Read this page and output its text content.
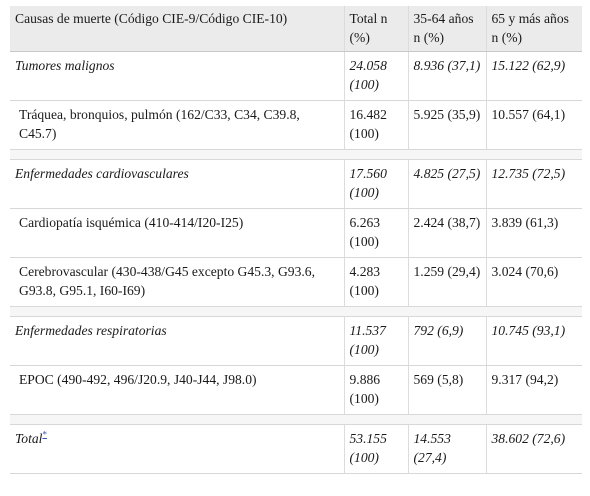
Causas de muerte (Código CIE-9/Código CIE-10)	Total n (%)	35-64 años n (%)	65 y más años n (%)
Tumores malignos	24.058 (100)	8.936 (37,1)	15.122 (62,9)
Tráquea, bronquios, pulmón (162/C33, C34, C39.8, C45.7)	16.482 (100)	5.925 (35,9)	10.557 (64,1)

Enfermedades cardiovasculares	17.560 (100)	4.825 (27,5)	12.735 (72,5)
Cardiopatía isquémica (410-414/I20-I25)	6.263 (100)	2.424 (38,7)	3.839 (61,3)
Cerebrovascular (430-438/G45 excepto G45.3, G93.6, G93.8, G95.1, I60-I69)	4.283 (100)	1.259 (29,4)	3.024 (70,6)

Enfermedades respiratorias	11.537 (100)	792 (6,9)	10.745 (93,1)
EPOC (490-492, 496/J20.9, J40-J44, J98.0)	9.886 (100)	569 (5,8)	9.317 (94,2)

Total*	53.155 (100)	14.553 (27,4)	38.602 (72,6)
